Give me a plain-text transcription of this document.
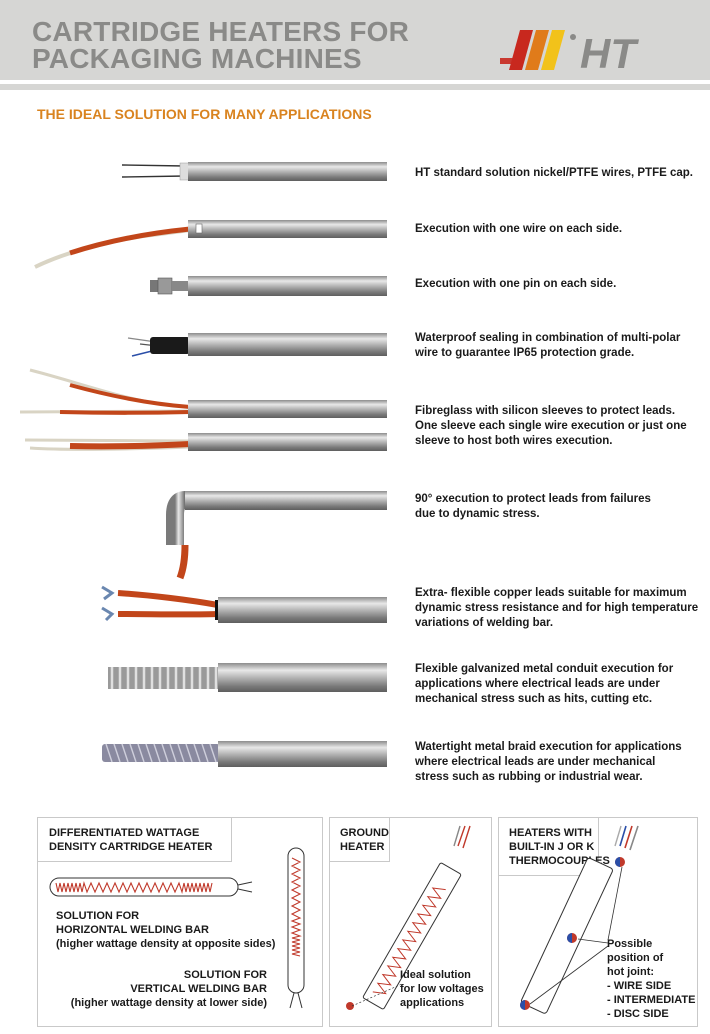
CARTRIDGE HEATERS FOR
PACKAGING MACHINES	HT
THE IDEAL SOLUTION FOR MANY APPLICATIONS
HT standard solution nickel/PTFE wires, PTFE cap.
Execution with one wire on each side.
Execution with one pin on each side.
Waterproof sealing in combination of multi-polar
wire to guarantee IP65 protection grade.
Fibreglass with silicon sleeves to protect leads.
One sleeve each single wire execution or just one
sleeve to host both wires execution.
90° execution to protect leads from failures
due to dynamic stress.
Extra- flexible copper leads suitable for maximum
dynamic stress resistance and for high temperature
variations of welding bar.
Flexible galvanized metal conduit execution for
applications where electrical leads are under
mechanical stress such as hits, cutting etc.
Watertight metal braid execution for applications
where electrical leads are under mechanical
stress such as rubbing or industrial wear.
DIFFERENTIATED WATTAGE
DENSITY CARTRIDGE HEATER
SOLUTION FOR
HORIZONTAL WELDING BAR
(higher wattage density at opposite sides)
SOLUTION FOR
VERTICAL WELDING BAR
(higher wattage density at lower side)
GROUND
HEATER
Ideal solution
for low voltages
applications
HEATERS WITH
BUILT-IN J OR K
THERMOCOUPLES
Possible
position of
hot joint:
- WIRE SIDE
- INTERMEDIATE
- DISC SIDE
